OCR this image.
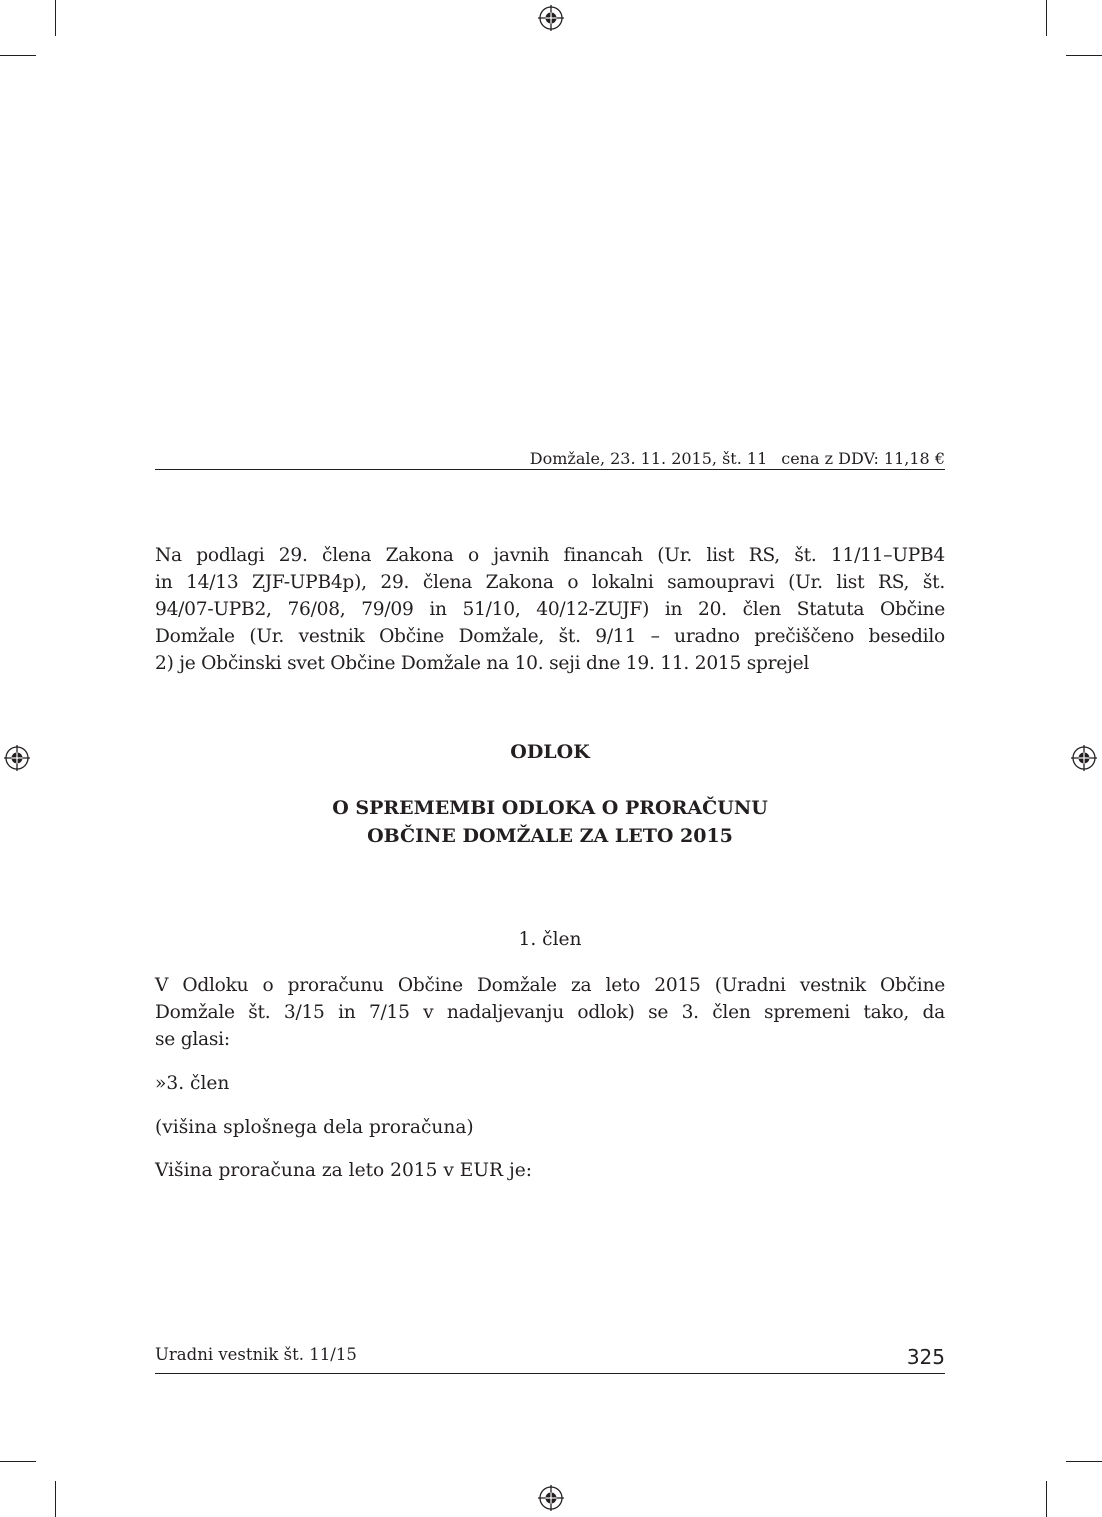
Domžale, 23. 11. 2015, št. 11 cena z DDV: 11,18 €
Na podlagi 29. člena Zakona o javnih financah (Ur. list RS, št. 11/11–UPB4
in 14/13 ZJF-UPB4p), 29. člena Zakona o lokalni samoupravi (Ur. list RS, št.
94/07-UPB2, 76/08, 79/09 in 51/10, 40/12-ZUJF) in 20. člen Statuta Občine
Domžale (Ur. vestnik Občine Domžale, št. 9/11 – uradno prečiščeno besedilo
2) je Občinski svet Občine Domžale na 10. seji dne 19. 11. 2015 sprejel
ODLOK
O SPREMEMBI ODLOKA O PRORAČUNU
OBČINE DOMŽALE ZA LETO 2015
1. člen
V Odloku o proračunu Občine Domžale za leto 2015 (Uradni vestnik Občine
Domžale št. 3/15 in 7/15 v nadaljevanju odlok) se 3. člen spremeni tako, da
se glasi:
»3. člen
(višina splošnega dela proračuna)
Višina proračuna za leto 2015 v EUR je:
Uradni vestnik št. 11/15	325
